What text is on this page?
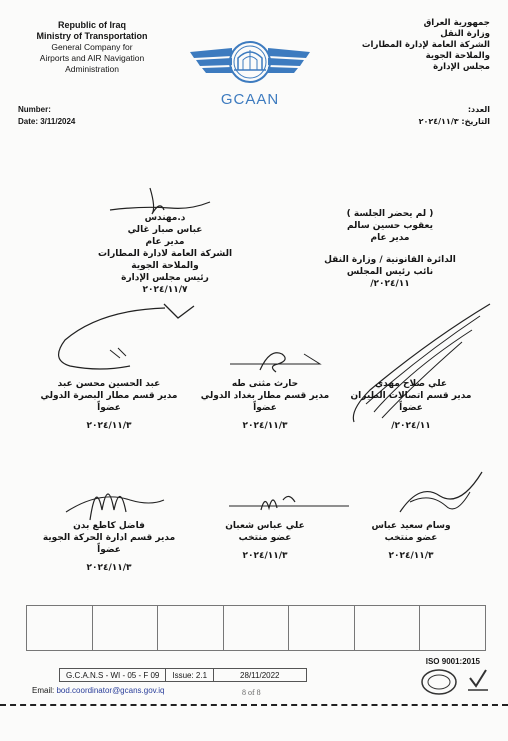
Republic of Iraq
Ministry of Transportation
General Company for
Airports and AIR Navigation
Administration
GCAAN
جمهورية العراق
وزارة النقل
الشركة العامة لإدارة المطارات
والملاحة الجوية
مجلس الإدارة
Number:
Date: 3/11/2024
العدد:
التاريخ: ٢٠٢٤/١١/٣
د.مهندس
عباس صبار غالي
مدير عام
الشركة العامة لادارة المطارات
والملاحة الجوية
رئيس مجلس الإدارة
٢٠٢٤/١١/٧
( لم يحضر الجلسة )
يعقوب حسين سالم
مدير عام
الدائرة القانونية / وزارة النقل
نائب رئيس المجلس
٢٠٢٤/١١/
عبد الحسين محسن عبد
مدير قسم مطار البصرة الدولي
عضواً
٢٠٢٤/١١/٣
حارث مثنى طه
مدير قسم مطار بغداد الدولي
عضواً
٢٠٢٤/١١/٣
علي صلاح مهدي
مدير قسم اتصالات الطيران
عضواً
٢٠٢٤/١١/
فاضل كاطع بدن
مدير قسم ادارة الحركة الجوية
عضواً
٢٠٢٤/١١/٣
علي عباس شعبان
عضو منتخب
٢٠٢٤/١١/٣
وسام سعيد عباس
عضو منتخب
٢٠٢٤/١١/٣
ISO 9001:2015
G.C.A.N.S - WI - 05 - F 09	Issue: 2.1	28/11/2022
Email: bod.coordinator@gcans.gov.iq	8 of 8
